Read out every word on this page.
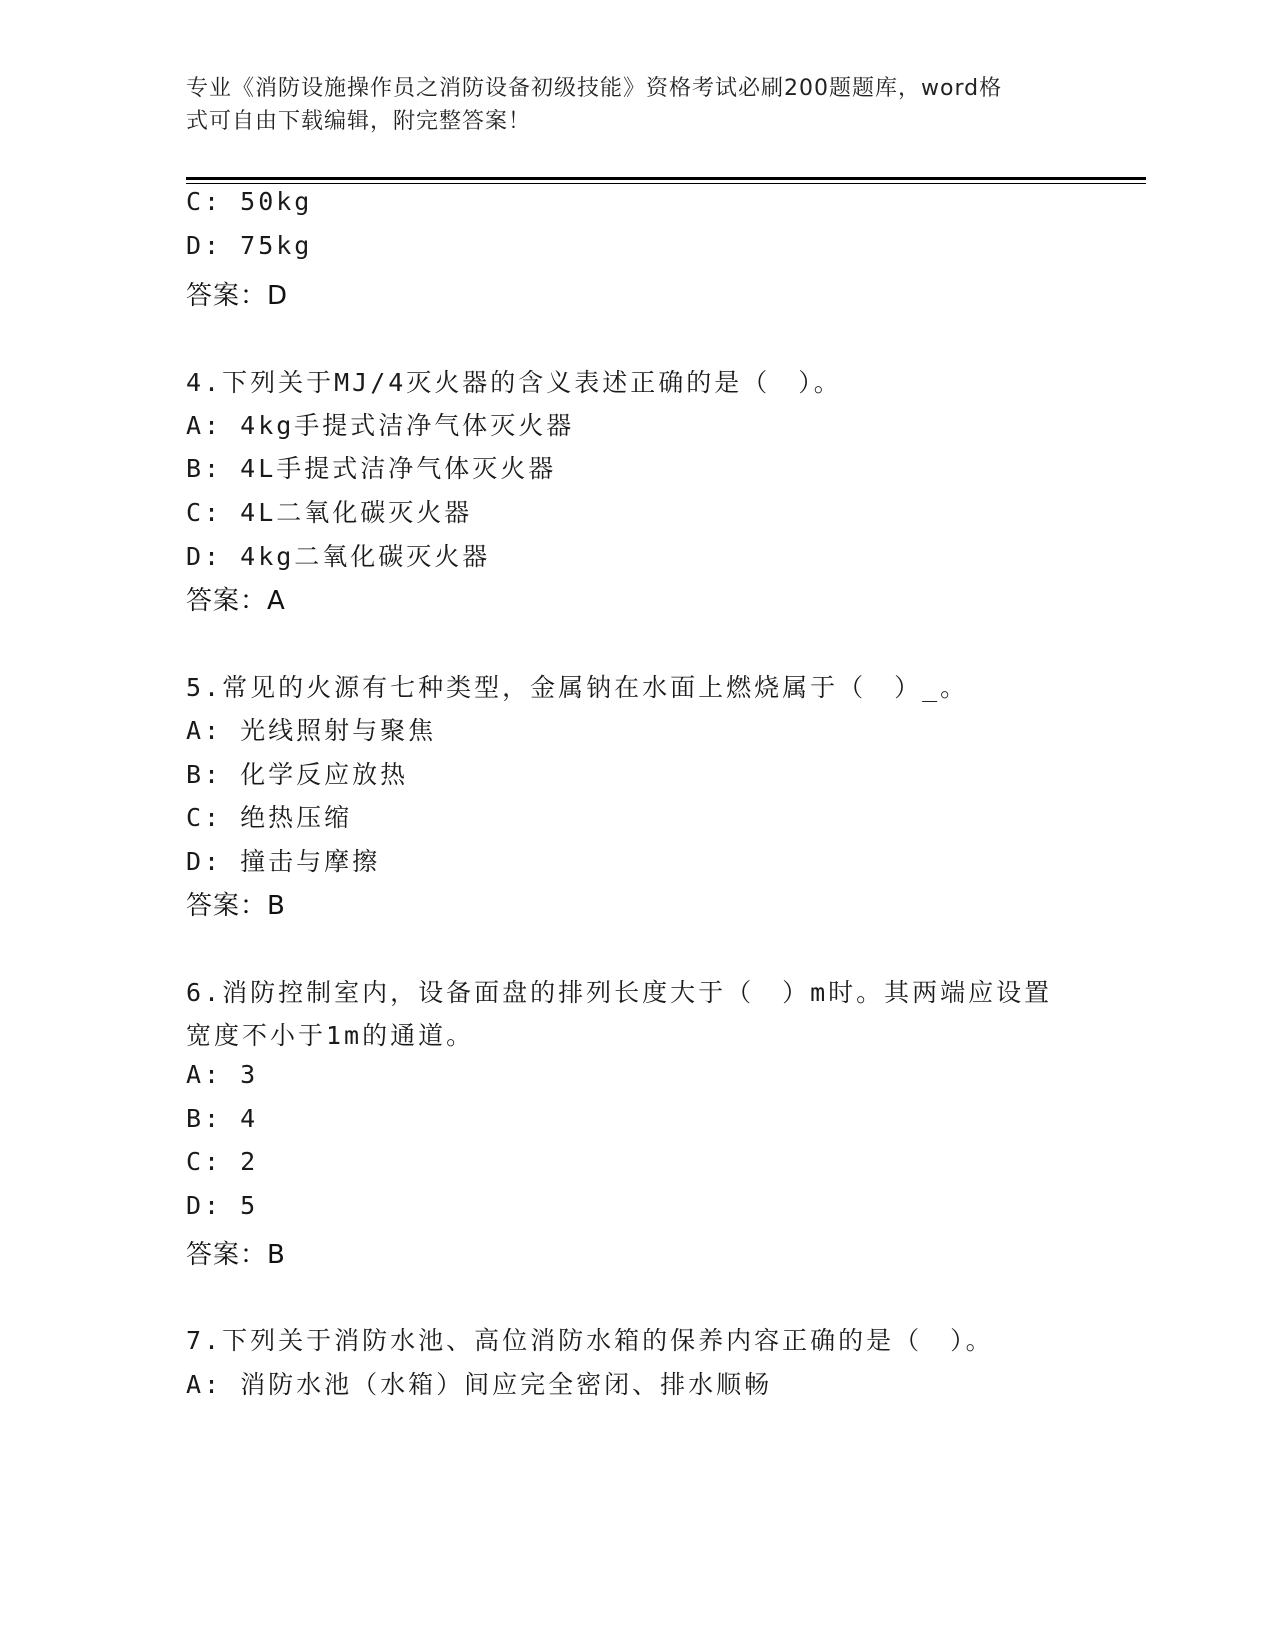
专业《消防设施操作员之消防设备初级技能》资格考试必刷200题题库，word格
式可自由下载编辑，附完整答案！
C: 50kg
D: 75kg
答案：D
4.下列关于MJ/4灭火器的含义表述正确的是（　）。
A: 4kg手提式洁净气体灭火器
B: 4L手提式洁净气体灭火器
C: 4L二氧化碳灭火器
D: 4kg二氧化碳灭火器
答案：A
5.常见的火源有七种类型，金属钠在水面上燃烧属于（　）_。
A: 光线照射与聚焦
B: 化学反应放热
C: 绝热压缩
D: 撞击与摩擦
答案：B
6.消防控制室内，设备面盘的排列长度大于（　）m时。其两端应设置
宽度不小于1m的通道。
A: 3
B: 4
C: 2
D: 5
答案：B
7.下列关于消防水池、高位消防水箱的保养内容正确的是（　）。
A: 消防水池（水箱）间应完全密闭、排水顺畅
